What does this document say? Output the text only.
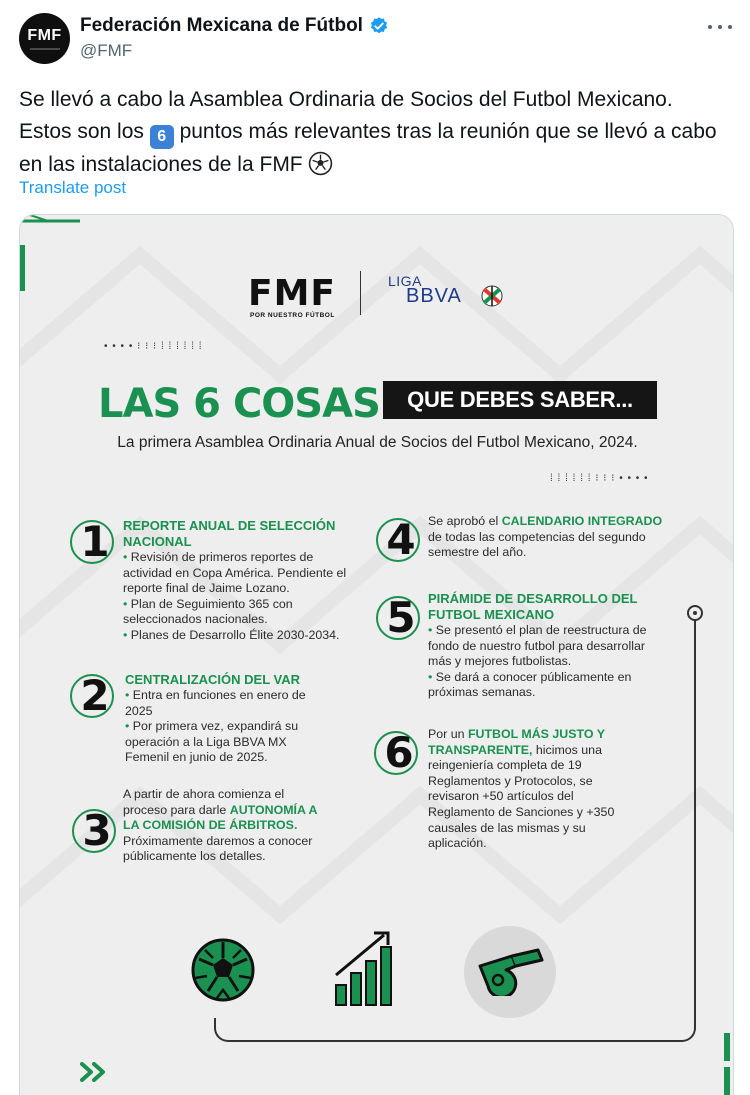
FMF Federación Mexicana de Fútbol
@FMF
Se llevó a cabo la Asamblea Ordinaria de Socios del Futbol Mexicano. Estos son los 6 puntos más relevantes tras la reunión que se llevó a cabo en las instalaciones de la FMF
Translate post
FMF
POR NUESTRO FÚTBOL
LIGA
BBVA
• • • • ⁝ ⁝ ⁝ ⁞ ⁞ ⁞ ⁞ ⁞ ⁞
⁞ ⁞ ⁞ ⁞ ⁞ ⁞ ⁝ ⁝ ⁝ • • • •
LAS 6 COSAS	QUE DEBES SABER...
La primera Asamblea Ordinaria Anual de Socios del Futbol Mexicano, 2024.
1 REPORTE ANUAL DE SELECCIÓN NACIONAL
• Revisión de primeros reportes de actividad en Copa América. Pendiente el reporte final de Jaime Lozano.
• Plan de Seguimiento 365 con seleccionados nacionales.
• Planes de Desarrollo Élite 2030-2034.
2 CENTRALIZACIÓN DEL VAR
• Entra en funciones en enero de 2025
• Por primera vez, expandirá su operación a la Liga BBVA MX Femenil en junio de 2025.
3
A partir de ahora comienza el proceso para darle AUTONOMÍA A LA COMISIÓN DE ÁRBITROS. Próximamente daremos a conocer públicamente los detalles.
4 Se aprobó el CALENDARIO INTEGRADO de todas las competencias del segundo semestre del año.
5 PIRÁMIDE DE DESARROLLO DEL FUTBOL MEXICANO
• Se presentó el plan de reestructura de fondo de nuestro futbol para desarrollar más y mejores futbolistas.
• Se dará a conocer públicamente en próximas semanas.
6 Por un FUTBOL MÁS JUSTO Y TRANSPARENTE, hicimos una reingeniería completa de 19 Reglamentos y Protocolos, se revisaron +50 artículos del Reglamento de Sanciones y +350 causales de las mismas y su aplicación.
